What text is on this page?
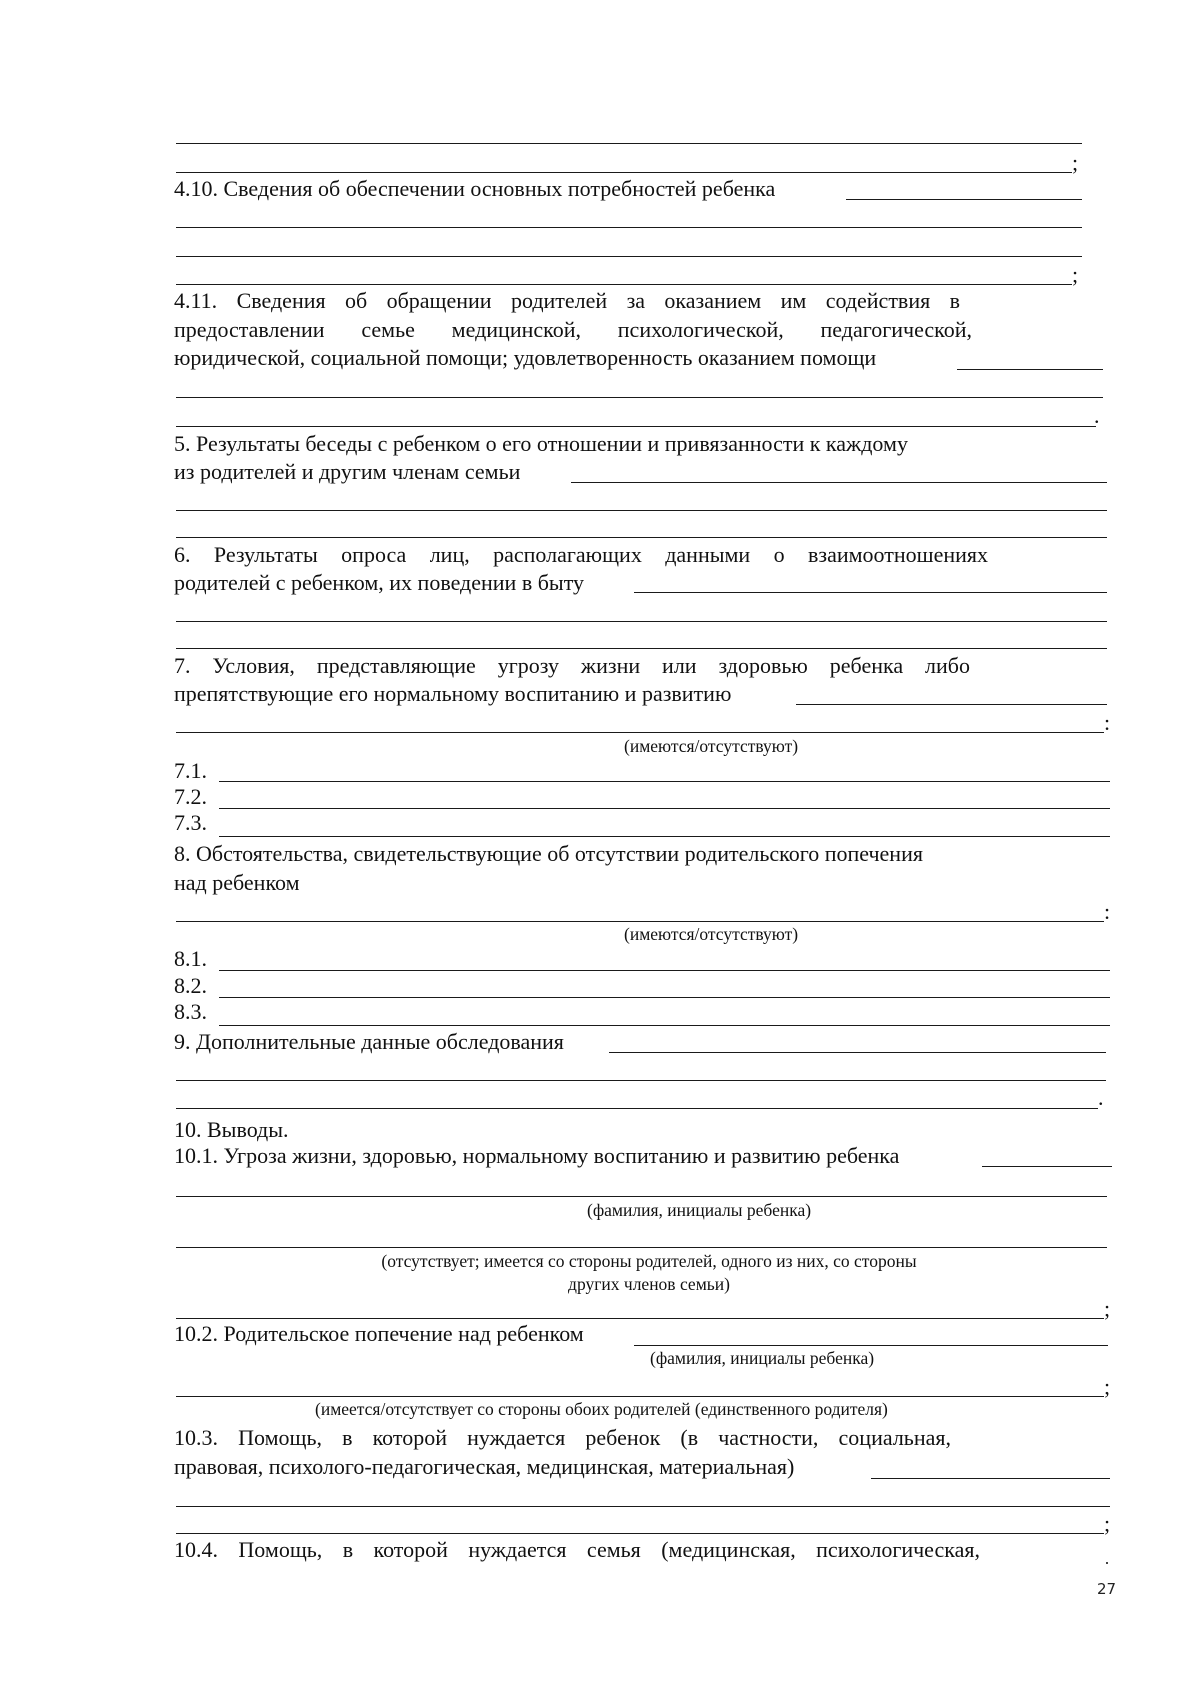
;
4.10. Сведения об обеспечении основных потребностей ребенка
;
4.11. Сведения об обращении родителей за оказанием им содействия в
предоставлении семье медицинской, психологической, педагогической,
юридической, социальной помощи; удовлетворенность оказанием помощи
.
5. Результаты беседы с ребенком о его отношении и привязанности к каждому
из родителей и другим членам семьи
6. Результаты опроса лиц, располагающих данными о взаимоотношениях
родителей с ребенком, их поведении в быту
7. Условия, представляющие угрозу жизни или здоровью ребенка либо
препятствующие его нормальному воспитанию и развитию
:
(имеются/отсутствуют)
7.1.
7.2.
7.3.
8. Обстоятельства, свидетельствующие об отсутствии родительского попечения
над ребенком
:
(имеются/отсутствуют)
8.1.
8.2.
8.3.
9. Дополнительные данные обследования
.
10. Выводы.
10.1. Угроза жизни, здоровью, нормальному воспитанию и развитию ребенка
(фамилия, инициалы ребенка)
(отсутствует; имеется со стороны родителей, одного из них, со стороны
других членов семьи)
;
10.2. Родительское попечение над ребенком
(фамилия, инициалы ребенка)
;
(имеется/отсутствует со стороны обоих родителей (единственного родителя)
10.3. Помощь, в которой нуждается ребенок (в частности, социальная,
правовая, психолого-педагогическая, медицинская, материальная)
;
10.4. Помощь, в которой нуждается семья (медицинская, психологическая,
27
